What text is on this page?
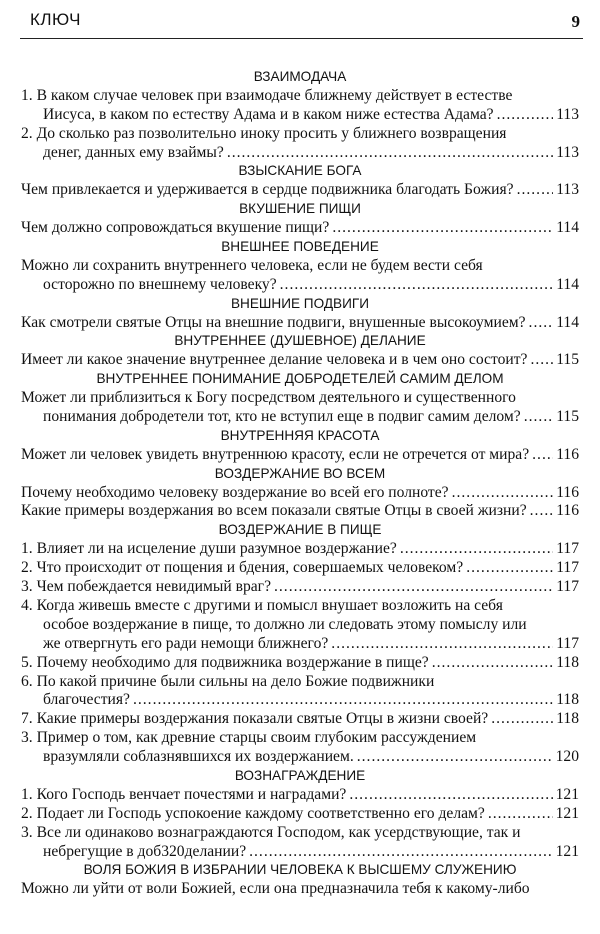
КЛЮЧ	9
ВЗАИМОДАЧА
1. В каком случае человек при взаимодаче ближнему действует в естестве
Иисуса, в каком по естеству Адама и в каком ниже естества Адама? .....	113
2. До сколько раз позволительно иноку просить у ближнего возвращения
денег, данных ему взаймы? .....	113
ВЗЫСКАНИЕ БОГА
Чем привлекается и удерживается в сердце подвижника благодать Божия? .....	113
ВКУШЕНИЕ ПИЩИ
Чем должно сопровождаться вкушение пищи? .....	114
ВНЕШНЕЕ ПОВЕДЕНИЕ
Можно ли сохранить внутреннего человека, если не будем вести себя
осторожно по внешнему человеку? .....	114
ВНЕШНИЕ ПОДВИГИ
Как смотрели святые Отцы на внешние подвиги, внушенные высокоумием? ..... 114
ВНУТРЕННЕЕ (ДУШЕВНОЕ) ДЕЛАНИЕ
Имеет ли какое значение внутреннее делание человека и в чем оно состоит? ..... 115
ВНУТРЕННЕЕ ПОНИМАНИЕ ДОБРОДЕТЕЛЕЙ САМИМ ДЕЛОМ
Может ли приблизиться к Богу посредством деятельного и существенного
понимания добродетели тот, кто не вступил еще в подвиг самим делом? ..... 115
ВНУТРЕННЯЯ КРАСОТА
Может ли человек увидеть внутреннюю красоту, если не отречется от мира? ..... 116
ВОЗДЕРЖАНИЕ ВО ВСЕМ
Почему необходимо человеку воздержание во всей его полноте? .....	116
Какие примеры воздержания во всем показали святые Отцы в своей жизни? ..... 116
ВОЗДЕРЖАНИЕ В ПИЩЕ
1. Влияет ли на исцеление души разумное воздержание? .....	117
2. Что происходит от пощения и бдения, совершаемых человеком? .....	117
3. Чем побеждается невидимый враг? .....	117
4. Когда живешь вместе с другими и помысл внушает возложить на себя
особое воздержание в пище, то должно ли следовать этому помыслу или
же отвергнуть его ради немощи ближнего? .....	117
5. Почему необходимо для подвижника воздержание в пище? .....	118
6. По какой причине были сильны на дело Божие подвижники
благочестия? .....	118
7. Какие примеры воздержания показали святые Отцы в жизни своей? .....	118
3. Пример о том, как древние старцы своим глубоким рассуждением
вразумляли соблазнявшихся их воздержанием. .....	120
ВОЗНАГРАЖДЕНИЕ
1. Кого Господь венчает почестями и наградами? .....	121
2. Подает ли Господь успокоение каждому соответственно его делам? .....	121
3. Все ли одинаково вознаграждаются Господом, как усердствующие, так и
небрегущие в доб320делании? .....	121
ВОЛЯ БОЖИЯ В ИЗБРАНИИ ЧЕЛОВЕКА К ВЫСШЕМУ СЛУЖЕНИЮ
Можно ли уйти от воли Божией, если она предназначила тебя к какому-либо
